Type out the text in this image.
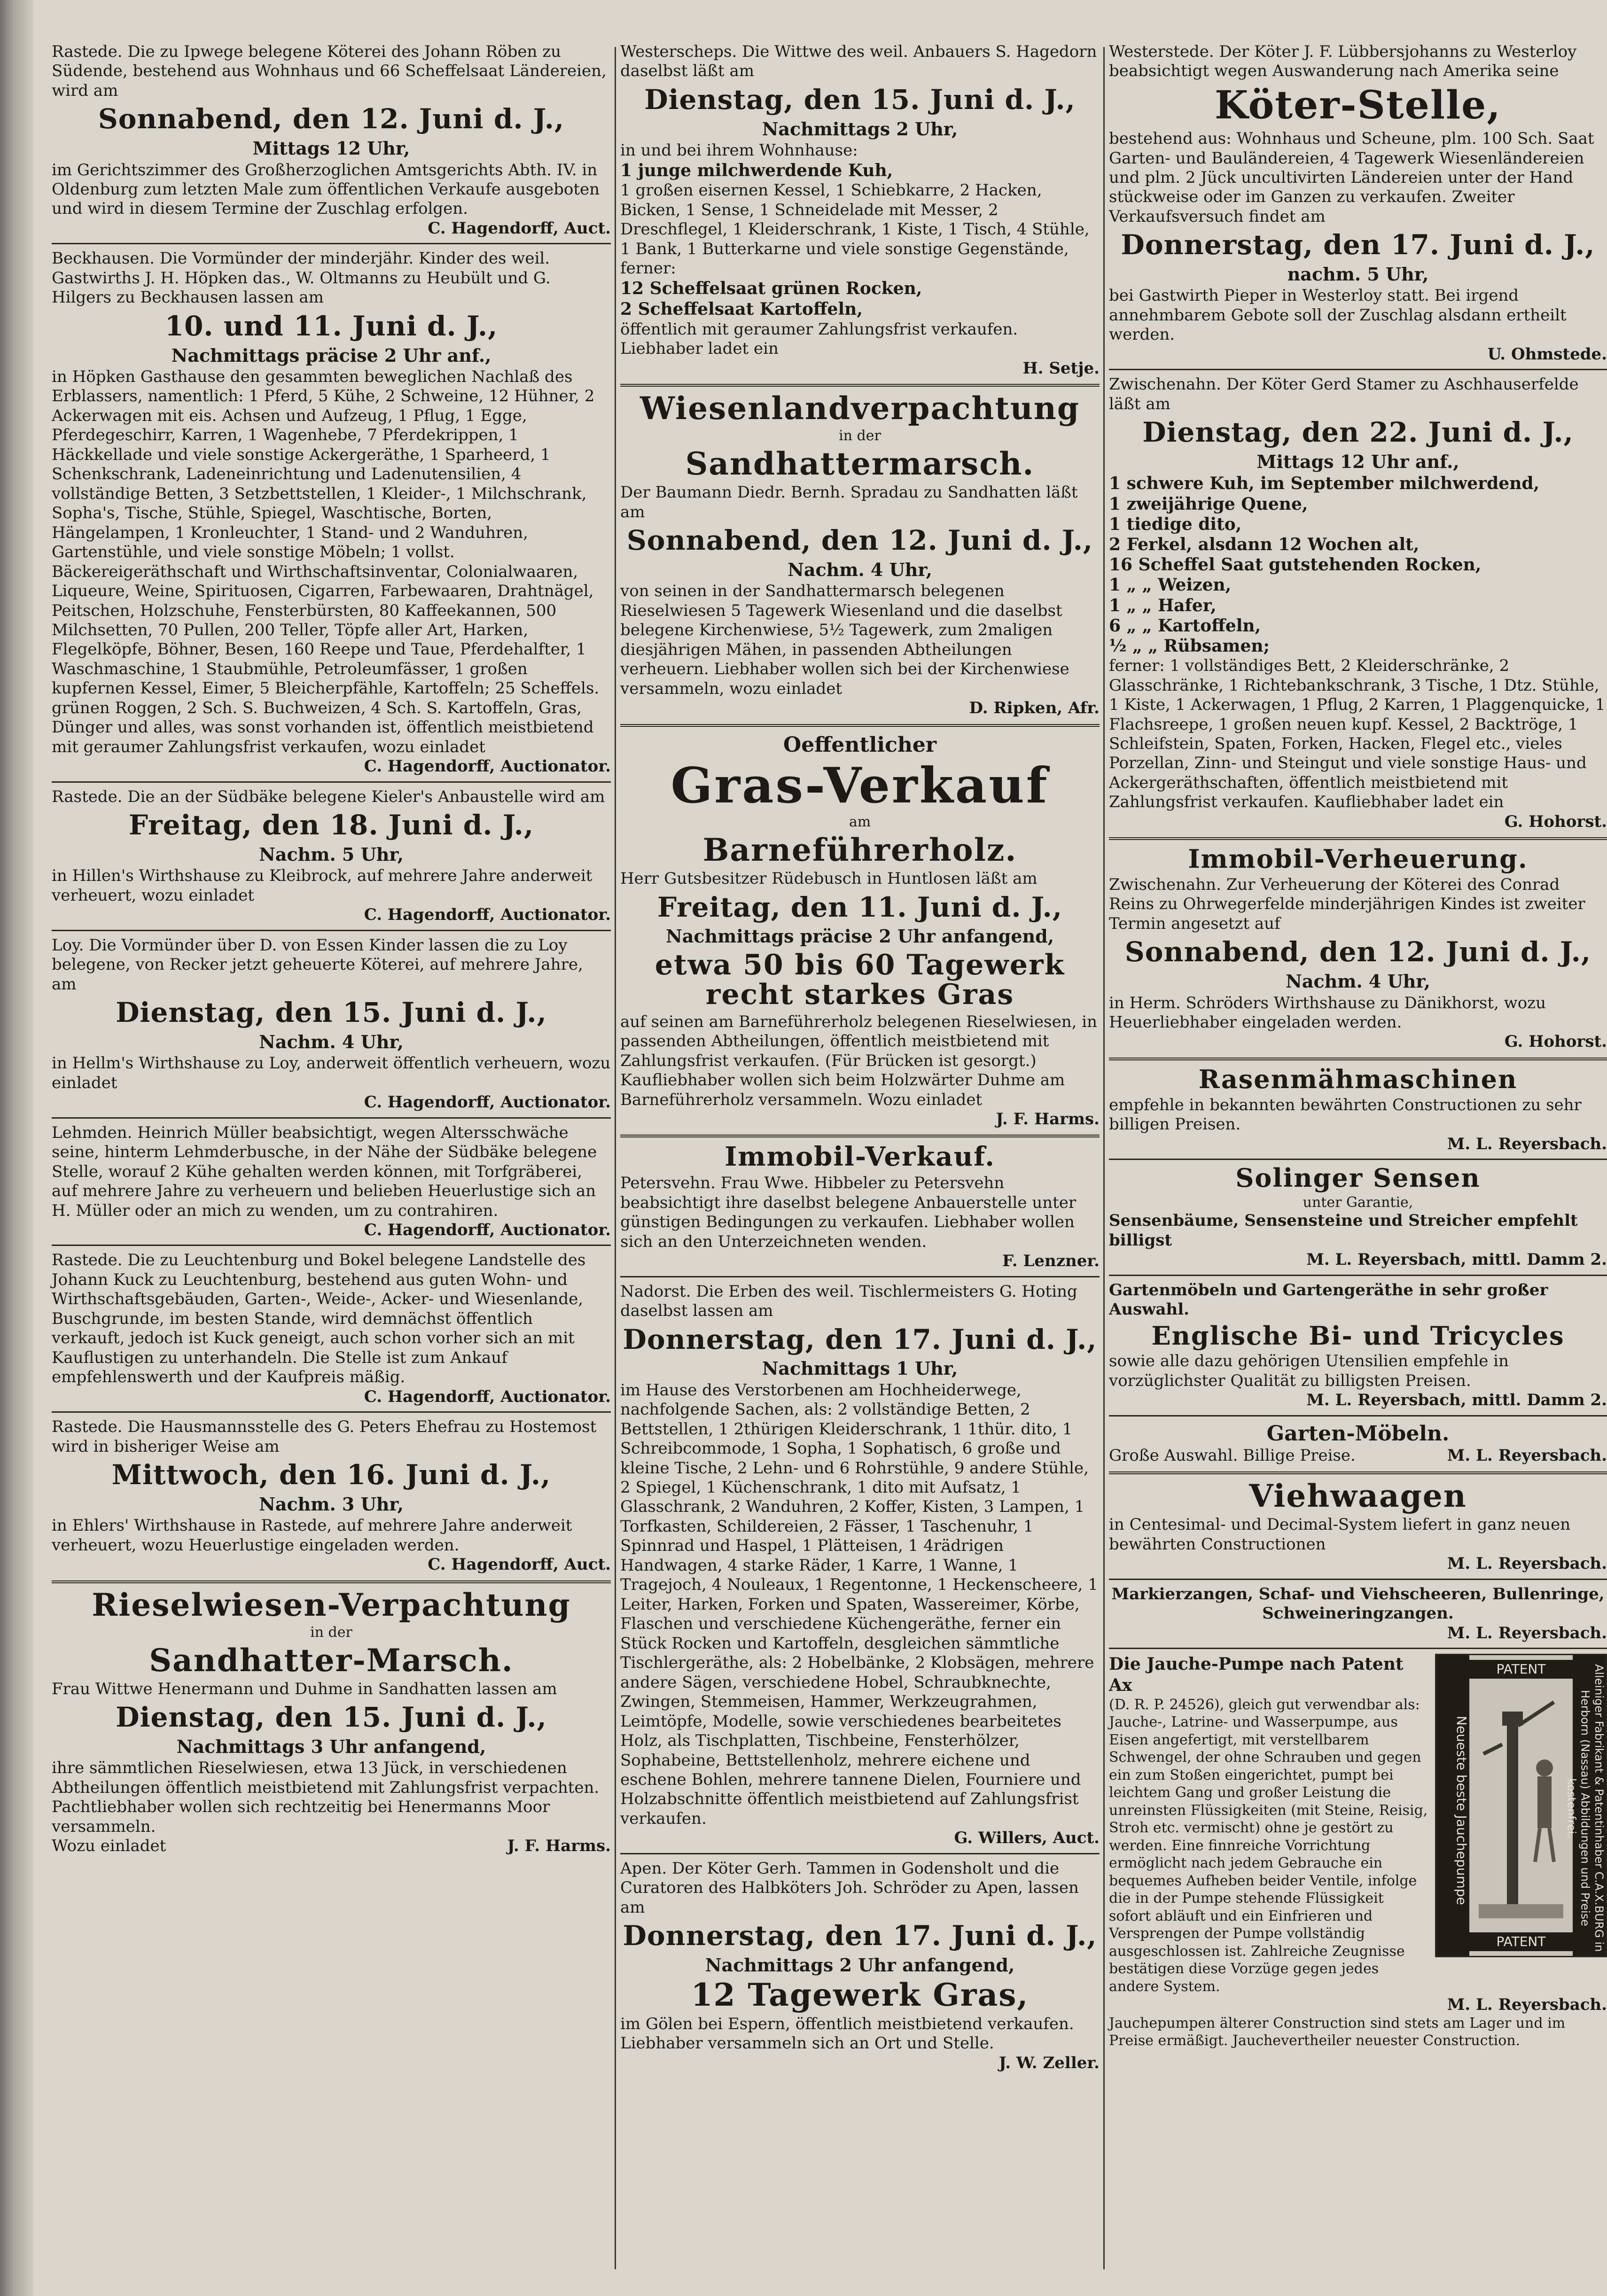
Rastede. Die zu Ipwege belegene Köterei des Johann Röben zu Südende, bestehend aus Wohnhaus und 66 Scheffelsaat Ländereien, wird am

Sonnabend, den 12. Juni d. J.,
Mittags 12 Uhr,

im Gerichtszimmer des Großherzoglichen Amtsgerichts Abth. IV. in Oldenburg zum letzten Male zum öffentlichen Verkaufe ausgeboten und wird in diesem Termine der Zuschlag erfolgen.

C. Hagendorff, Auct.

Beckhausen. Die Vormünder der minderjähr. Kinder des weil. Gastwirths J. H. Höpken das., W. Oltmanns zu Heubült und G. Hilgers zu Beckhausen lassen am

10. und 11. Juni d. J.,
Nachmittags präcise 2 Uhr anf.,

in Höpken Gasthause den gesammten beweglichen Nachlaß des Erblassers, namentlich: 1 Pferd, 5 Kühe, 2 Schweine, 12 Hühner, 2 Ackerwagen mit eis. Achsen und Aufzeug, 1 Pflug, 1 Egge, Pferdegeschirr, Karren, 1 Wagenhebe, 7 Pferdekrippen, 1 Häckkellade und viele sonstige Ackergeräthe, 1 Sparheerd, 1 Schenkschrank, Ladeneinrichtung und Ladenutensilien, 4 vollständige Betten, 3 Setzbettstellen, 1 Kleider-, 1 Milchschrank, Sopha's, Tische, Stühle, Spiegel, Waschtische, Borten, Hängelampen, 1 Kronleuchter, 1 Stand- und 2 Wanduhren, Gartenstühle, und viele sonstige Möbeln; 1 vollst. Bäckereigeräthschaft und Wirthschaftsinventar, Colonialwaaren, Liqueure, Weine, Spirituosen, Cigarren, Farbewaaren, Drahtnägel, Peitschen, Holzschuhe, Fensterbürsten, 80 Kaffeekannen, 500 Milchsetten, 70 Pullen, 200 Teller, Töpfe aller Art, Harken, Flegelköpfe, Böhner, Besen, 160 Reepe und Taue, Pferdehalfter, 1 Waschmaschine, 1 Staubmühle, Petroleumfässer, 1 großen kupfernen Kessel, Eimer, 5 Bleicherpfähle, Kartoffeln; 25 Scheffels. grünen Roggen, 2 Sch. S. Buchweizen, 4 Sch. S. Kartoffeln, Gras, Dünger und alles, was sonst vorhanden ist, öffentlich meistbietend mit geraumer Zahlungsfrist verkaufen, wozu einladet

C. Hagendorff, Auctionator.

Rastede. Die an der Südbäke belegene Kieler's Anbaustelle wird am

Freitag, den 18. Juni d. J.,
Nachm. 5 Uhr,

in Hillen's Wirthshause zu Kleibrock, auf mehrere Jahre anderweit verheuert, wozu einladet

C. Hagendorff, Auctionator.

Loy. Die Vormünder über D. von Essen Kinder lassen die zu Loy belegene, von Recker jetzt geheuerte Köterei, auf mehrere Jahre, am

Dienstag, den 15. Juni d. J.,
Nachm. 4 Uhr,

in Hellm's Wirthshause zu Loy, anderweit öffentlich verheuern, wozu einladet

C. Hagendorff, Auctionator.

Lehmden. Heinrich Müller beabsichtigt, wegen Altersschwäche seine, hinterm Lehmderbusche, in der Nähe der Südbäke belegene Stelle, worauf 2 Kühe gehalten werden können, mit Torfgräberei, auf mehrere Jahre zu verheuern und belieben Heuerlustige sich an H. Müller oder an mich zu wenden, um zu contrahiren.

C. Hagendorff, Auctionator.

Rastede. Die zu Leuchtenburg und Bokel belegene Landstelle des Johann Kuck zu Leuchtenburg, bestehend aus guten Wohn- und Wirthschaftsgebäuden, Garten-, Weide-, Acker- und Wiesenlande, Buschgrunde, im besten Stande, wird demnächst öffentlich verkauft, jedoch ist Kuck geneigt, auch schon vorher sich an mit Kauflustigen zu unterhandeln. Die Stelle ist zum Ankauf empfehlenswerth und der Kaufpreis mäßig.

C. Hagendorff, Auctionator.

Rastede. Die Hausmannsstelle des G. Peters Ehefrau zu Hostemost wird in bisheriger Weise am

Mittwoch, den 16. Juni d. J.,
Nachm. 3 Uhr,

in Ehlers' Wirthshause in Rastede, auf mehrere Jahre anderweit verheuert, wozu Heuerlustige eingeladen werden.

C. Hagendorff, Auct.
Rieselwiesen-Verpachtung
in der
Sandhatter-Marsch.

Frau Wittwe Henermann und Duhme in Sandhatten lassen am

Dienstag, den 15. Juni d. J.,
Nachmittags 3 Uhr anfangend,

ihre sämmtlichen Rieselwiesen, etwa 13 Jück, in verschiedenen Abtheilungen öffentlich meistbietend mit Zahlungsfrist verpachten. Pachtliebhaber wollen sich rechtzeitig bei Henermanns Moor versammeln.

Wozu einladet	J. F. Harms.

Westerscheps. Die Wittwe des weil. Anbauers S. Hagedorn daselbst läßt am

Dienstag, den 15. Juni d. J.,
Nachmittags 2 Uhr,

in und bei ihrem Wohnhause:

1 junge milchwerdende Kuh,

1 großen eisernen Kessel, 1 Schiebkarre, 2 Hacken, Bicken, 1 Sense, 1 Schneidelade mit Messer, 2 Dreschflegel, 1 Kleiderschrank, 1 Kiste, 1 Tisch, 4 Stühle, 1 Bank, 1 Butterkarne und viele sonstige Gegenstände, ferner:

12 Scheffelsaat grünen Rocken,

2 Scheffelsaat Kartoffeln,

öffentlich mit geraumer Zahlungsfrist verkaufen. Liebhaber ladet ein

H. Setje.
Wiesenlandverpachtung
in der
Sandhattermarsch.

Der Baumann Diedr. Bernh. Spradau zu Sandhatten läßt am

Sonnabend, den 12. Juni d. J.,
Nachm. 4 Uhr,

von seinen in der Sandhattermarsch belegenen Rieselwiesen 5 Tagewerk Wiesenland und die daselbst belegene Kirchenwiese, 5½ Tagewerk, zum 2maligen diesjährigen Mähen, in passenden Abtheilungen verheuern. Liebhaber wollen sich bei der Kirchenwiese versammeln, wozu einladet

D. Ripken, Afr.
Oeffentlicher
Gras-Verkauf
am
Barneführerholz.

Herr Gutsbesitzer Rüdebusch in Huntlosen läßt am

Freitag, den 11. Juni d. J.,
Nachmittags präcise 2 Uhr anfangend,
etwa 50 bis 60 Tagewerk recht starkes Gras

auf seinen am Barneführerholz belegenen Rieselwiesen, in passenden Abtheilungen, öffentlich meistbietend mit Zahlungsfrist verkaufen. (Für Brücken ist gesorgt.) Kaufliebhaber wollen sich beim Holzwärter Duhme am Barneführerholz versammeln. Wozu einladet

J. F. Harms.
Immobil-Verkauf.

Petersvehn. Frau Wwe. Hibbeler zu Petersvehn beabsichtigt ihre daselbst belegene Anbauerstelle unter günstigen Bedingungen zu verkaufen. Liebhaber wollen sich an den Unterzeichneten wenden.

F. Lenzner.

Nadorst. Die Erben des weil. Tischlermeisters G. Hoting daselbst lassen am

Donnerstag, den 17. Juni d. J.,
Nachmittags 1 Uhr,

im Hause des Verstorbenen am Hochheiderwege, nachfolgende Sachen, als: 2 vollständige Betten, 2 Bettstellen, 1 2thürigen Kleiderschrank, 1 1thür. dito, 1 Schreibcommode, 1 Sopha, 1 Sophatisch, 6 große und kleine Tische, 2 Lehn- und 6 Rohrstühle, 9 andere Stühle, 2 Spiegel, 1 Küchenschrank, 1 dito mit Aufsatz, 1 Glasschrank, 2 Wanduhren, 2 Koffer, Kisten, 3 Lampen, 1 Torfkasten, Schildereien, 2 Fässer, 1 Taschenuhr, 1 Spinnrad und Haspel, 1 Plätteisen, 1 4rädrigen Handwagen, 4 starke Räder, 1 Karre, 1 Wanne, 1 Tragejoch, 4 Nouleaux, 1 Regentonne, 1 Heckenscheere, 1 Leiter, Harken, Forken und Spaten, Wassereimer, Körbe, Flaschen und verschiedene Küchengeräthe, ferner ein Stück Rocken und Kartoffeln, desgleichen sämmtliche Tischlergeräthe, als: 2 Hobelbänke, 2 Klobsägen, mehrere andere Sägen, verschiedene Hobel, Schraubknechte, Zwingen, Stemmeisen, Hammer, Werkzeugrahmen, Leimtöpfe, Modelle, sowie verschiedenes bearbeitetes Holz, als Tischplatten, Tischbeine, Fensterhölzer, Sophabeine, Bettstellenholz, mehrere eichene und eschene Bohlen, mehrere tannene Dielen, Fourniere und Holzabschnitte öffentlich meistbietend auf Zahlungsfrist verkaufen.

G. Willers, Auct.

Apen. Der Köter Gerh. Tammen in Godensholt und die Curatoren des Halbköters Joh. Schröder zu Apen, lassen am

Donnerstag, den 17. Juni d. J.,
Nachmittags 2 Uhr anfangend,
12 Tagewerk Gras,

im Gölen bei Espern, öffentlich meistbietend verkaufen. Liebhaber versammeln sich an Ort und Stelle.

J. W. Zeller.

Westerstede. Der Köter J. F. Lübbersjohanns zu Westerloy beabsichtigt wegen Auswanderung nach Amerika seine

Köter-Stelle,

bestehend aus: Wohnhaus und Scheune, plm. 100 Sch. Saat Garten- und Bauländereien, 4 Tagewerk Wiesenländereien und plm. 2 Jück uncultivirten Ländereien unter der Hand stückweise oder im Ganzen zu verkaufen. Zweiter Verkaufsversuch findet am

Donnerstag, den 17. Juni d. J.,
nachm. 5 Uhr,

bei Gastwirth Pieper in Westerloy statt. Bei irgend annehmbarem Gebote soll der Zuschlag alsdann ertheilt werden.

U. Ohmstede.

Zwischenahn. Der Köter Gerd Stamer zu Aschhauserfelde läßt am

Dienstag, den 22. Juni d. J.,
Mittags 12 Uhr anf.,
1 schwere Kuh, im September milchwerdend,
1 zweijährige Quene,
1 tiedige dito,
2 Ferkel, alsdann 12 Wochen alt,
16 Scheffel Saat gutstehenden Rocken,
1 „ „ Weizen,
1 „ „ Hafer,
6 „ „ Kartoffeln,
½ „ „ Rübsamen;

ferner: 1 vollständiges Bett, 2 Kleiderschränke, 2 Glasschränke, 1 Richtebankschrank, 3 Tische, 1 Dtz. Stühle, 1 Kiste, 1 Ackerwagen, 1 Pflug, 2 Karren, 1 Plaggenquicke, 1 Flachsreepe, 1 großen neuen kupf. Kessel, 2 Backtröge, 1 Schleifstein, Spaten, Forken, Hacken, Flegel etc., vieles Porzellan, Zinn- und Steingut und viele sonstige Haus- und Ackergeräthschaften, öffentlich meistbietend mit Zahlungsfrist verkaufen. Kaufliebhaber ladet ein

G. Hohorst.
Immobil-Verheuerung.

Zwischenahn. Zur Verheuerung der Köterei des Conrad Reins zu Ohrwegerfelde minderjährigen Kindes ist zweiter Termin angesetzt auf

Sonnabend, den 12. Juni d. J.,
Nachm. 4 Uhr,

in Herm. Schröders Wirthshause zu Dänikhorst, wozu Heuerliebhaber eingeladen werden.

G. Hohorst.
Rasenmähmaschinen

empfehle in bekannten bewährten Constructionen zu sehr billigen Preisen.

M. L. Reyersbach.
Solinger Sensen
unter Garantie,

Sensenbäume, Sensensteine und Streicher empfehlt billigst

M. L. Reyersbach, mittl. Damm 2.

Gartenmöbeln und Gartengeräthe in sehr großer Auswahl.

Englische Bi- und Tricycles

sowie alle dazu gehörigen Utensilien empfehle in vorzüglichster Qualität zu billigsten Preisen.

M. L. Reyersbach, mittl. Damm 2.
Garten-Möbeln.
Große Auswahl. Billige Preise.	M. L. Reyersbach.
Viehwaagen

in Centesimal- und Decimal-System liefert in ganz neuen bewährten Constructionen

M. L. Reyersbach.

Markierzangen, Schaf- und Viehscheeren, Bullenringe, Schweineringzangen.

M. L. Reyersbach.

Die Jauche-Pumpe nach Patent Ax

(D. R. P. 24526), gleich gut verwendbar als: Jauche-, Latrine- und Wasserpumpe, aus Eisen angefertigt, mit verstellbarem Schwengel, der ohne Schrauben und gegen ein zum Stoßen eingerichtet, pumpt bei leichtem Gang und großer Leistung die unreinsten Flüssigkeiten (mit Steine, Reisig, Stroh etc. vermischt) ohne je gestört zu werden. Eine finnreiche Vorrichtung ermöglicht nach jedem Gebrauche ein bequemes Aufheben beider Ventile, infolge die in der Pumpe stehende Flüssigkeit sofort abläuft und ein Einfrieren und Versprengen der Pumpe vollständig ausgeschlossen ist. Zahlreiche Zeugnisse bestätigen diese Vorzüge gegen jedes andere System.

Neueste beste Jauchepumpe
PATENT
PATENT	Alleiniger Fabrikant & Patentinhaber C.A.X.BURG in Herborn (Nassau) Abbildungen und Preise kostenfrei.
M. L. Reyersbach.

Jauchepumpen älterer Construction sind stets am Lager und im Preise ermäßigt. Jauchevertheiler neuester Construction.
